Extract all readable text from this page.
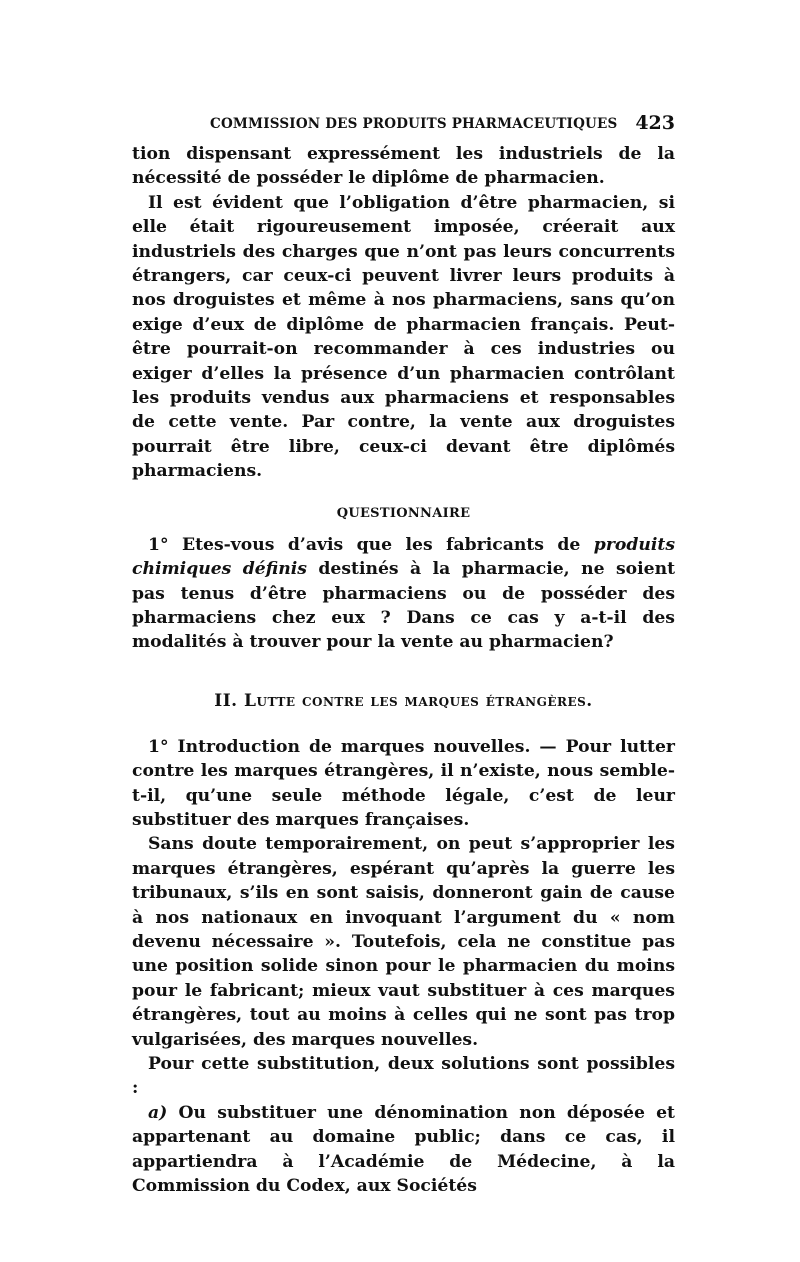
COMMISSION DES PRODUITS PHARMACEUTIQUES 423

tion dispensant expressément les industriels de la nécessité de posséder le diplôme de pharmacien.

Il est évident que l’obligation d’être pharmacien, si elle était rigoureusement imposée, créerait aux industriels des charges que n’ont pas leurs concurrents étrangers, car ceux-ci peuvent livrer leurs produits à nos droguistes et même à nos pharmaciens, sans qu’on exige d’eux de diplôme de pharmacien français. Peut-être pourrait-on recommander à ces industries ou exiger d’elles la présence d’un pharmacien contrôlant les produits vendus aux pharmaciens et responsables de cette vente. Par contre, la vente aux droguistes pourrait être libre, ceux-ci devant être diplômés pharmaciens.

QUESTIONNAIRE

1° Etes-vous d’avis que les fabricants de produits chimiques définis destinés à la pharmacie, ne soient pas tenus d’être pharmaciens ou de posséder des pharmaciens chez eux ? Dans ce cas y a-t-il des modalités à trouver pour la vente au pharmacien?

II. Lutte contre les marques étrangères.

1° Introduction de marques nouvelles. — Pour lutter contre les marques étrangères, il n’existe, nous semble-t-il, qu’une seule méthode légale, c’est de leur substituer des marques françaises.

Sans doute temporairement, on peut s’approprier les marques étrangères, espérant qu’après la guerre les tribunaux, s’ils en sont saisis, donneront gain de cause à nos nationaux en invoquant l’argument du « nom devenu nécessaire ». Toutefois, cela ne constitue pas une position solide sinon pour le pharmacien du moins pour le fabricant; mieux vaut substituer à ces marques étrangères, tout au moins à celles qui ne sont pas trop vulgarisées, des marques nouvelles.

Pour cette substitution, deux solutions sont possibles :

a) Ou substituer une dénomination non déposée et appartenant au domaine public; dans ce cas, il appartiendra à l’Académie de Médecine, à la Commission du Codex, aux Sociétés
